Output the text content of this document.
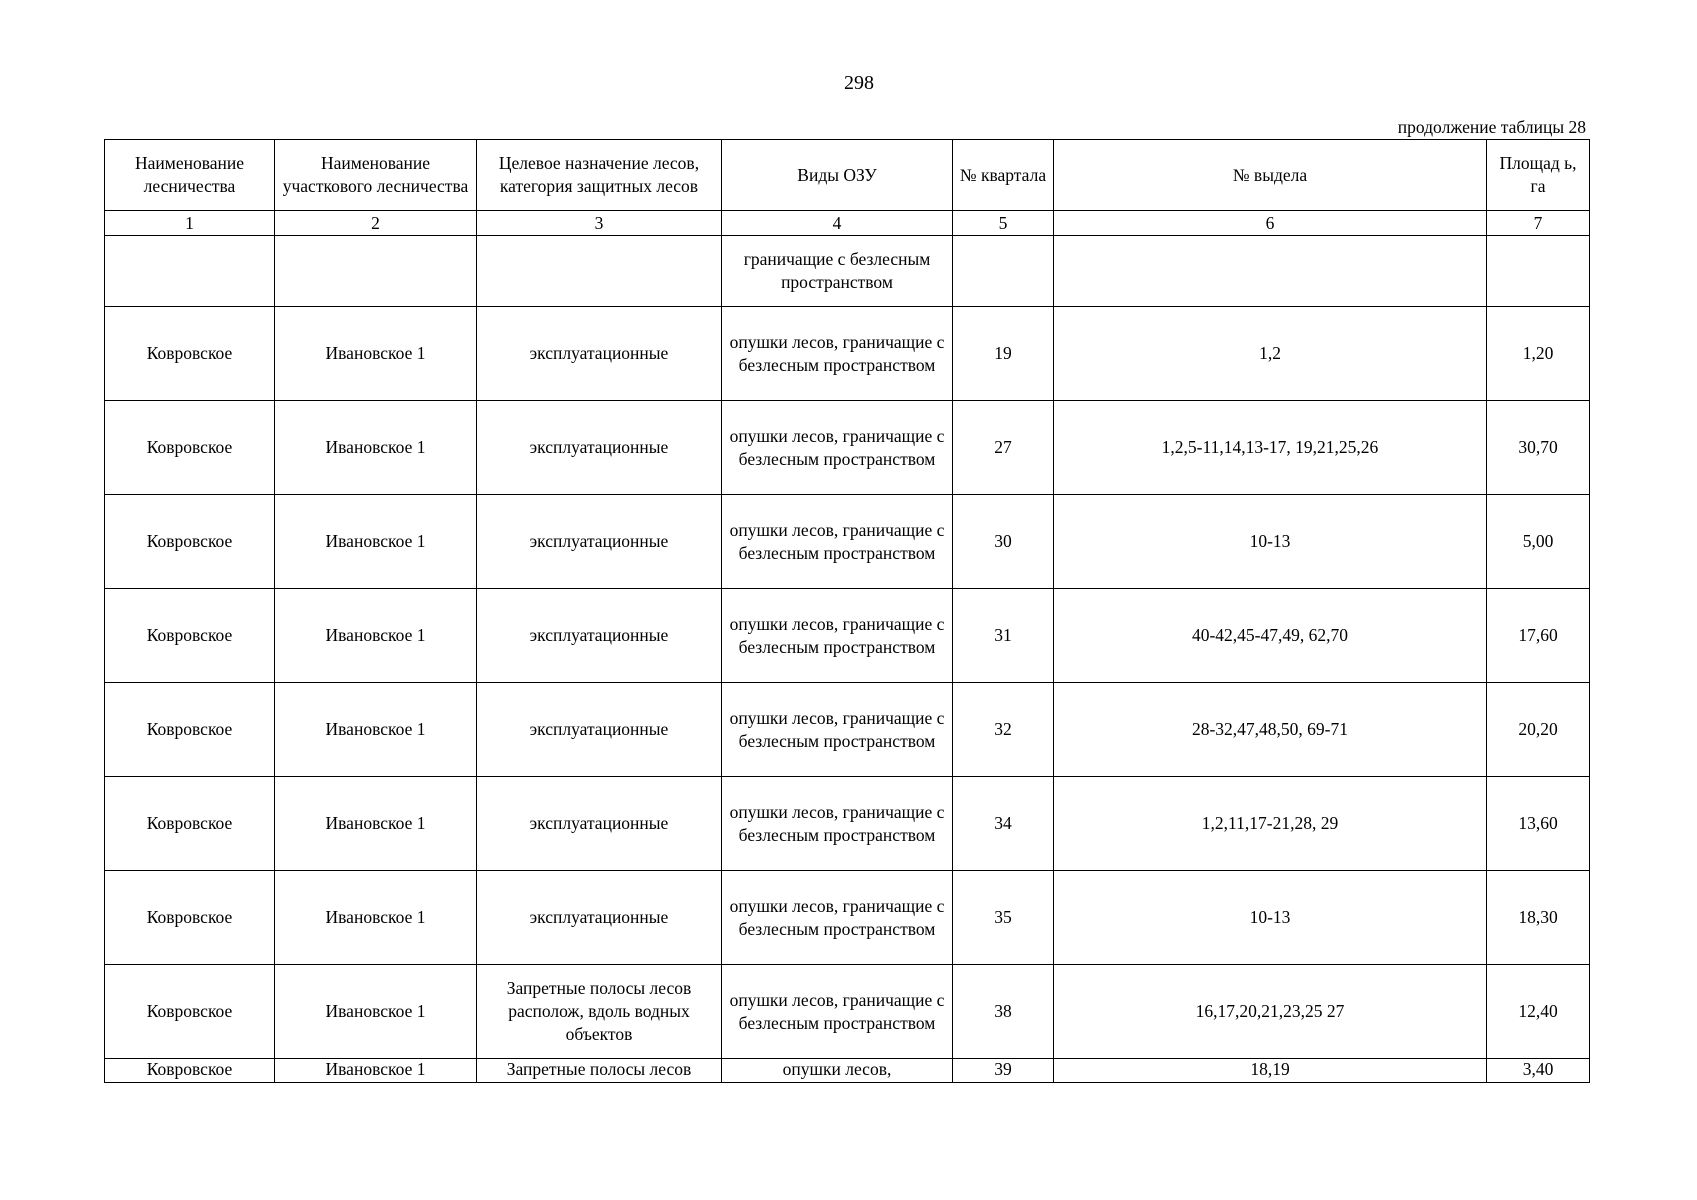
298
продолжение таблицы 28
Наименование лесничества	Наименование участкового лесничества	Целевое назначение лесов, категория защитных лесов	Виды ОЗУ	№ квартала	№ выдела	Площад ь, га
1	2	3	4	5	6	7
			граничащие с безлесным пространством			
Ковровское	Ивановское 1	эксплуатационные	опушки лесов, граничащие с безлесным пространством	19	1,2	1,20
Ковровское	Ивановское 1	эксплуатационные	опушки лесов, граничащие с безлесным пространством	27	1,2,5-11,14,13-17, 19,21,25,26	30,70
Ковровское	Ивановское 1	эксплуатационные	опушки лесов, граничащие с безлесным пространством	30	10-13	5,00
Ковровское	Ивановское 1	эксплуатационные	опушки лесов, граничащие с безлесным пространством	31	40-42,45-47,49, 62,70	17,60
Ковровское	Ивановское 1	эксплуатационные	опушки лесов, граничащие с безлесным пространством	32	28-32,47,48,50, 69-71	20,20
Ковровское	Ивановское 1	эксплуатационные	опушки лесов, граничащие с безлесным пространством	34	1,2,11,17-21,28, 29	13,60
Ковровское	Ивановское 1	эксплуатационные	опушки лесов, граничащие с безлесным пространством	35	10-13	18,30
Ковровское	Ивановское 1	Запретные полосы лесов располож, вдоль водных объектов	опушки лесов, граничащие с безлесным пространством	38	16,17,20,21,23,25 27	12,40
Ковровское	Ивановское 1	Запретные полосы лесов	опушки лесов,	39	18,19	3,40
